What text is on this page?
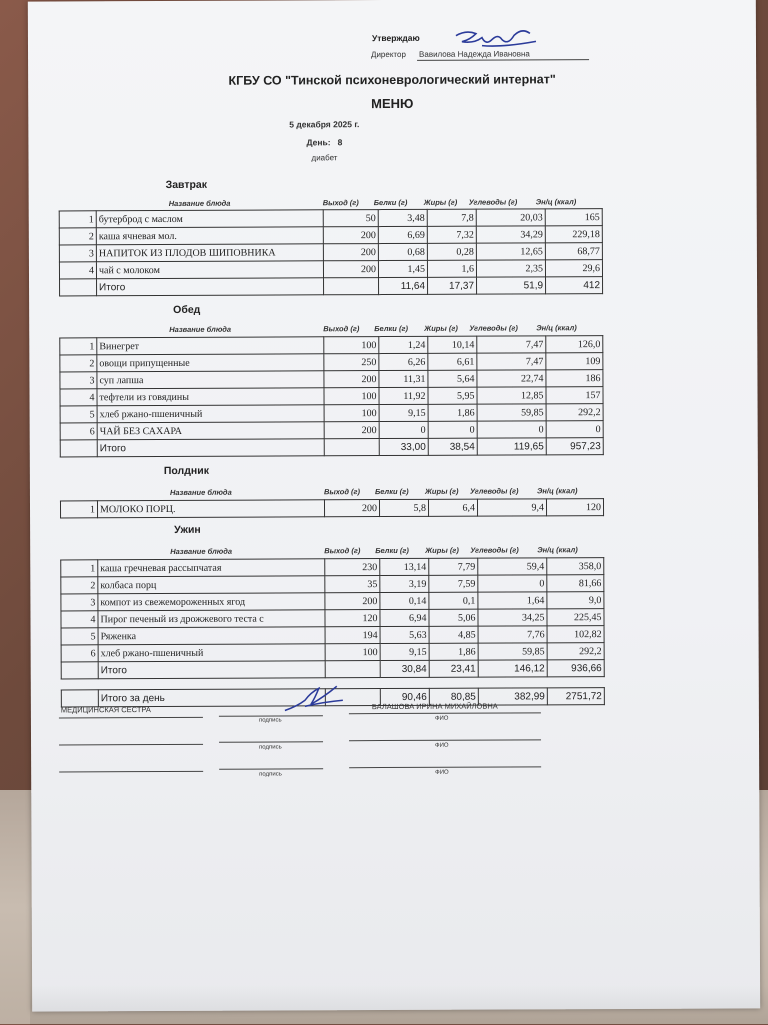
Утверждаю
Директор Вавилова Надежда Ивановна
КГБУ СО "Тинской психоневрологический интернат"
МЕНЮ
5 декабря 2025 г.
День: 8
диабет
Завтрак
Название блюда	Выход (г) Белки (г) Жиры (г) Углеводы (г) Эн/ц (ккал)
1	бутерброд с маслом	50	3,48	7,8	20,03	165
2	каша ячневая мол.	200	6,69	7,32	34,29	229,18
3	НАПИТОК ИЗ ПЛОДОВ ШИПОВНИКА	200	0,68	0,28	12,65	68,77
4	чай с молоком	200	1,45	1,6	2,35	29,6
	Итого		11,64	17,37	51,9	412
Обед
Название блюда	Выход (г) Белки (г) Жиры (г) Углеводы (г) Эн/ц (ккал)
1	Винегрет	100	1,24	10,14	7,47	126,0
2	овощи припущенные	250	6,26	6,61	7,47	109
3	суп лапша	200	11,31	5,64	22,74	186
4	тефтели из говядины	100	11,92	5,95	12,85	157
5	хлеб ржано-пшеничный	100	9,15	1,86	59,85	292,2
6	ЧАЙ БЕЗ САХАРА	200	0	0	0	0
	Итого		33,00	38,54	119,65	957,23
Полдник
Название блюда	Выход (г) Белки (г) Жиры (г) Углеводы (г) Эн/ц (ккал)
1	МОЛОКО ПОРЦ.	200	5,8	6,4	9,4	120
Ужин
Название блюда	Выход (г) Белки (г) Жиры (г) Углеводы (г) Эн/ц (ккал)
1	каша гречневая рассыпчатая	230	13,14	7,79	59,4	358,0
2	колбаса порц	35	3,19	7,59	0	81,66
3	компот из свежемороженных ягод	200	0,14	0,1	1,64	9,0
4	Пирог печеный из дрожжевого теста с	120	6,94	5,06	34,25	225,45
5	Ряженка	194	5,63	4,85	7,76	102,82
6	хлеб ржано-пшеничный	100	9,15	1,86	59,85	292,2
	Итого		30,84	23,41	146,12	936,66
	Итого за день		90,46	80,85	382,99	2751,72
МЕДИЦИНСКАЯ СЕСТРА	БАЛАШОВА ИРИНА МИХАЙЛОВНА
подпись	ФИО
подпись	ФИО
подпись	ФИО
